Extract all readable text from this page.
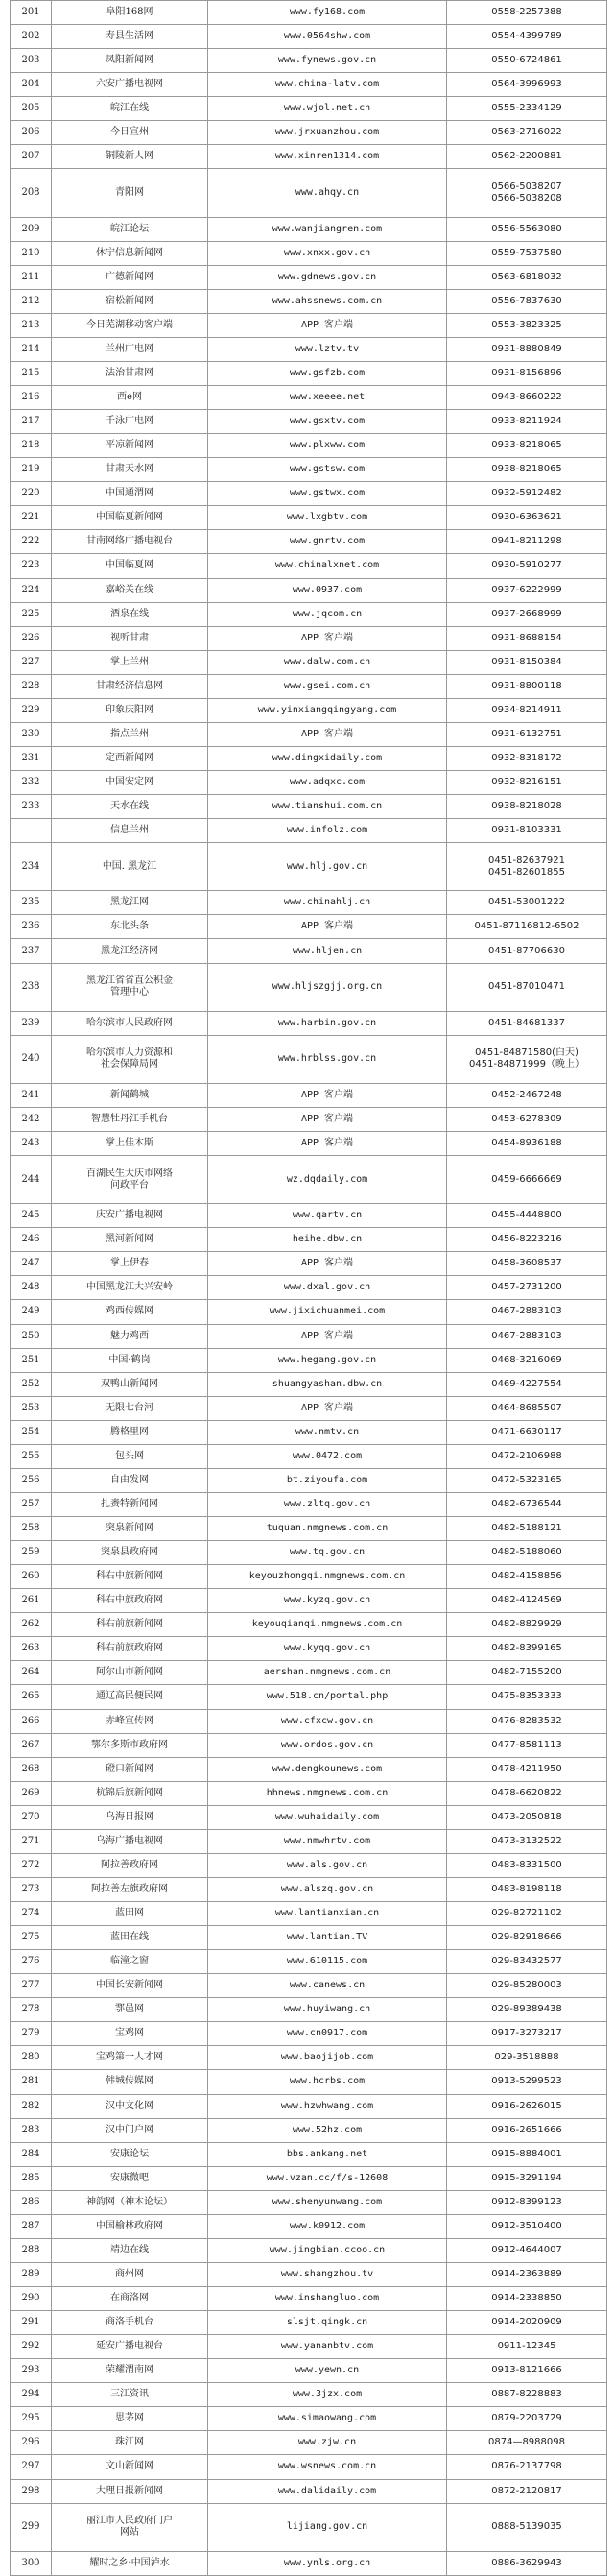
201	阜阳168网	www.fy168.com	0558-2257388

202	寿县生活网	www.0564shw.com	0554-4399789

203	凤阳新闻网	www.fynews.gov.cn	0550-6724861

204	六安广播电视网	www.china-latv.com	0564-3996993

205	皖江在线	www.wjol.net.cn	0555-2334129

206	今日宣州	www.jrxuanzhou.com	0563-2716022

207	铜陵新人网	www.xinren1314.com	0562-2200881

208	青阳网	www.ahqy.cn	0566-5038207
0566-5038208

209	皖江论坛	www.wanjiangren.com	0556-5563080

210	休宁信息新闻网	www.xnxx.gov.cn	0559-7537580

211	广德新闻网	www.gdnews.gov.cn	0563-6818032

212	宿松新闻网	www.ahssnews.com.cn	0556-7837630

213	今日芜湖移动客户端	APP 客户端	0553-3823325

214	兰州广电网	www.lztv.tv	0931-8880849

215	法治甘肃网	www.gsfzb.com	0931-8156896

216	西e网	www.xeeee.net	0943-8660222

217	千泳广电网	www.gsxtv.com	0933-8211924

218	平凉新闻网	www.plxww.com	0933-8218065

219	甘肃天水网	www.gstsw.com	0938-8218065

220	中国通渭网	www.gstwx.com	0932-5912482

221	中国临夏新闻网	www.lxgbtv.com	0930-6363621

222	甘南网络广播电视台	www.gnrtv.com	0941-8211298

223	中国临夏网	www.chinalxnet.com	0930-5910277

224	嘉峪关在线	www.0937.com	0937-6222999

225	酒泉在线	www.jqcom.cn	0937-2668999

226	视听甘肃	APP 客户端	0931-8688154

227	掌上兰州	www.dalw.com.cn	0931-8150384

228	甘肃经济信息网	www.gsei.com.cn	0931-8800118

229	印象庆阳网	www.yinxiangqingyang.com	0934-8214911

230	指点兰州	APP 客户端	0931-6132751

231	定西新闻网	www.dingxidaily.com	0932-8318172

232	中国安定网	www.adqxc.com	0932-8216151

233	天水在线	www.tianshui.com.cn	0938-8218028

	信息兰州	www.infolz.com	0931-8103331

234	中国. 黑龙江	www.hlj.gov.cn	0451-82637921
0451-82601855

235	黑龙江网	www.chinahlj.cn	0451-53001222

236	东北头条	APP 客户端	0451-87116812-6502

237	黑龙江经济网	www.hljen.cn	0451-87706630

238	黑龙江省省直公积金
管理中心	www.hljszgjj.org.cn	0451-87010471

239	哈尔滨市人民政府网	www.harbin.gov.cn	0451-84681337

240	哈尔滨市人力资源和
社会保障局网	www.hrblss.gov.cn	0451-84871580(白天)
0451-84871999（晚上）

241	新闻鹤城	APP 客户端	0452-2467248

242	智慧牡丹江手机台	APP 客户端	0453-6278309

243	掌上佳木斯	APP 客户端	0454-8936188

244	百湖民生大庆市网络
问政平台	wz.dqdaily.com	0459-6666669

245	庆安广播电视网	www.qartv.cn	0455-4448800

246	黑河新闻网	heihe.dbw.cn	0456-8223216

247	掌上伊春	APP 客户端	0458-3608537

248	中国黑龙江大兴安岭	www.dxal.gov.cn	0457-2731200

249	鸡西传媒网	www.jixichuanmei.com	0467-2883103

250	魅力鸡西	APP 客户端	0467-2883103

251	中国·鹤岗	www.hegang.gov.cn	0468-3216069

252	双鸭山新闻网	shuangyashan.dbw.cn	0469-4227554

253	无限七台河	APP 客户端	0464-8685507

254	腾格里网	www.nmtv.cn	0471-6630117

255	包头网	www.0472.com	0472-2106988

256	自由发网	bt.ziyoufa.com	0472-5323165

257	扎赉特新闻网	www.zltq.gov.cn	0482-6736544

258	突泉新闻网	tuquan.nmgnews.com.cn	0482-5188121

259	突泉县政府网	www.tq.gov.cn	0482-5188060

260	科右中旗新闻网	keyouzhongqi.nmgnews.com.cn	0482-4158856

261	科右中旗政府网	www.kyzq.gov.cn	0482-4124569

262	科右前旗新闻网	keyouqianqi.nmgnews.com.cn	0482-8829929

263	科右前旗政府网	www.kyqq.gov.cn	0482-8399165

264	阿尔山市新闻网	aershan.nmgnews.com.cn	0482-7155200

265	通辽高民便民网	www.518.cn/portal.php	0475-8353333

266	赤峰宣传网	www.cfxcw.gov.cn	0476-8283532

267	鄂尔多斯市政府网	www.ordos.gov.cn	0477-8581113

268	磴口新闻网	www.dengkounews.com	0478-4211950

269	杭锦后旗新闻网	hhnews.nmgnews.com.cn	0478-6620822

270	乌海日报网	www.wuhaidaily.com	0473-2050818

271	乌海广播电视网	www.nmwhrtv.com	0473-3132522

272	阿拉善政府网	www.als.gov.cn	0483-8331500

273	阿拉善左旗政府网	www.alszq.gov.cn	0483-8198118

274	蓝田网	www.lantianxian.cn	029-82721102

275	蓝田在线	www.lantian.TV	029-82918666

276	临潼之窗	www.610115.com	029-83432577

277	中国长安新闻网	www.canews.cn	029-85280003

278	鄠邑网	www.huyiwang.cn	029-89389438

279	宝鸡网	www.cn0917.com	0917-3273217

280	宝鸡第一人才网	www.baojijob.com	029-3518888

281	韩城传媒网	www.hcrbs.com	0913-5299523

282	汉中文化网	www.hzwhwang.com	0916-2626015

283	汉中门户网	www.52hz.com	0916-2651666

284	安康论坛	bbs.ankang.net	0915-8884001

285	安康微吧	www.vzan.cc/f/s-12608	0915-3291194

286	神韵网（神木论坛）	www.shenyunwang.com	0912-8399123

287	中国榆林政府网	www.k0912.com	0912-3510400

288	靖边在线	www.jingbian.ccoo.cn	0912-4644007

289	商州网	www.shangzhou.tv	0914-2363889

290	在商洛网	www.inshangluo.com	0914-2338850

291	商洛手机台	slsjt.qingk.cn	0914-2020909

292	延安广播电视台	www.yananbtv.com	0911-12345

293	荣耀渭南网	www.yewn.cn	0913-8121666

294	三江资讯	www.3jzx.com	0887-8228883

295	思茅网	www.simaowang.com	0879-2203729

296	珠江网	www.zjw.cn	0874—8988098

297	文山新闻网	www.wsnews.com.cn	0876-2137798

298	大理日报新闻网	www.dalidaily.com	0872-2120817

299	丽江市人民政府门户
网站	lijiang.gov.cn	0888-5139035

300	耀时之乡·中国泸水	www.ynls.org.cn	0886-3629943
